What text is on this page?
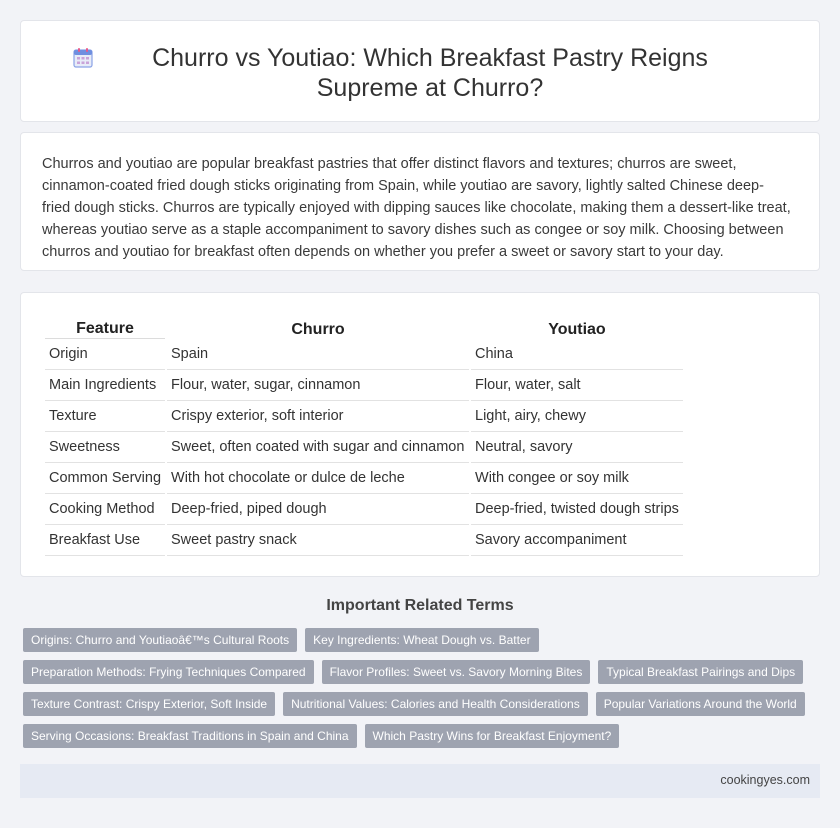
Churro vs Youtiao: Which Breakfast Pastry Reigns Supreme at Churro?

Churros and youtiao are popular breakfast pastries that offer distinct flavors and textures; churros are sweet, cinnamon-coated fried dough sticks originating from Spain, while youtiao are savory, lightly salted Chinese deep-fried dough sticks. Churros are typically enjoyed with dipping sauces like chocolate, making them a dessert-like treat, whereas youtiao serve as a staple accompaniment to savory dishes such as congee or soy milk. Choosing between churros and youtiao for breakfast often depends on whether you prefer a sweet or savory start to your day.

Feature	Churro	Youtiao
Origin	Spain	China
Main Ingredients	Flour, water, sugar, cinnamon	Flour, water, salt
Texture	Crispy exterior, soft interior	Light, airy, chewy
Sweetness	Sweet, often coated with sugar and cinnamon	Neutral, savory
Common Serving	With hot chocolate or dulce de leche	With congee or soy milk
Cooking Method	Deep-fried, piped dough	Deep-fried, twisted dough strips
Breakfast Use	Sweet pastry snack	Savory accompaniment
Important Related Terms
Origins: Churro and Youtiaoâ€™s Cultural Roots	Key Ingredients: Wheat Dough vs. Batter
Preparation Methods: Frying Techniques Compared	Flavor Profiles: Sweet vs. Savory Morning Bites	Typical Breakfast Pairings and Dips
Texture Contrast: Crispy Exterior, Soft Inside	Nutritional Values: Calories and Health Considerations	Popular Variations Around the World
Serving Occasions: Breakfast Traditions in Spain and China	Which Pastry Wins for Breakfast Enjoyment?
cookingyes.com
